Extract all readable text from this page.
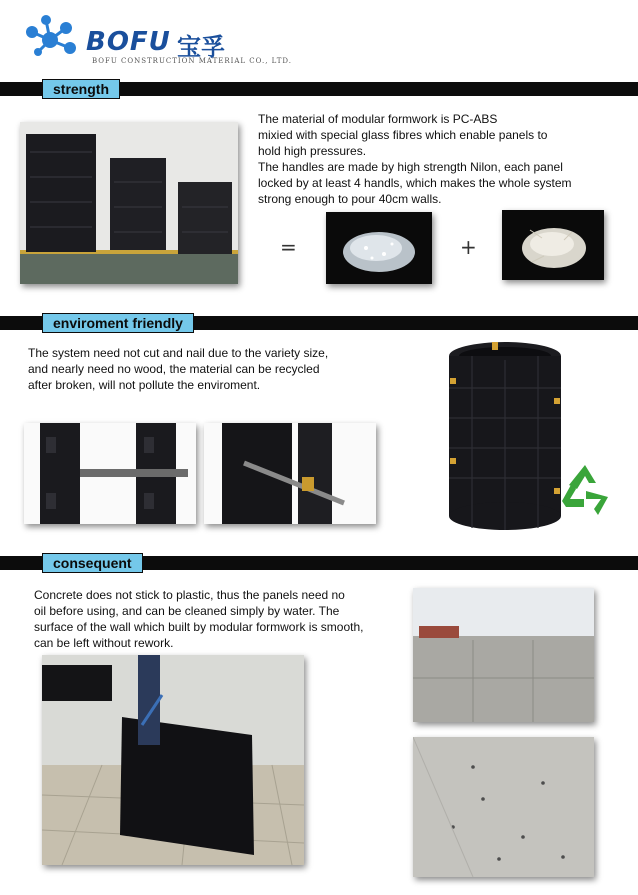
BOFU 宝孚
BOFU CONSTRUCTION MATERIAL CO., LTD.
strength

The material of modular formwork is PC-ABS
mixied with special glass fibres which enable panels to
hold high pressures.
The handles are made by high strength Nilon, each panel
locked by at least 4 handls, which makes the whole system
strong enough to pour 40cm walls.

=	+
enviroment friendly

The system need not cut and nail due to the variety size,
and nearly need no wood, the material can be recycled
after broken, will not pollute the enviroment.

consequent

Concrete does not stick to plastic, thus the panels need no
oil before using, and can be cleaned simply by water. The
surface of the wall which built by modular formwork is smooth,
can be left without rework.
